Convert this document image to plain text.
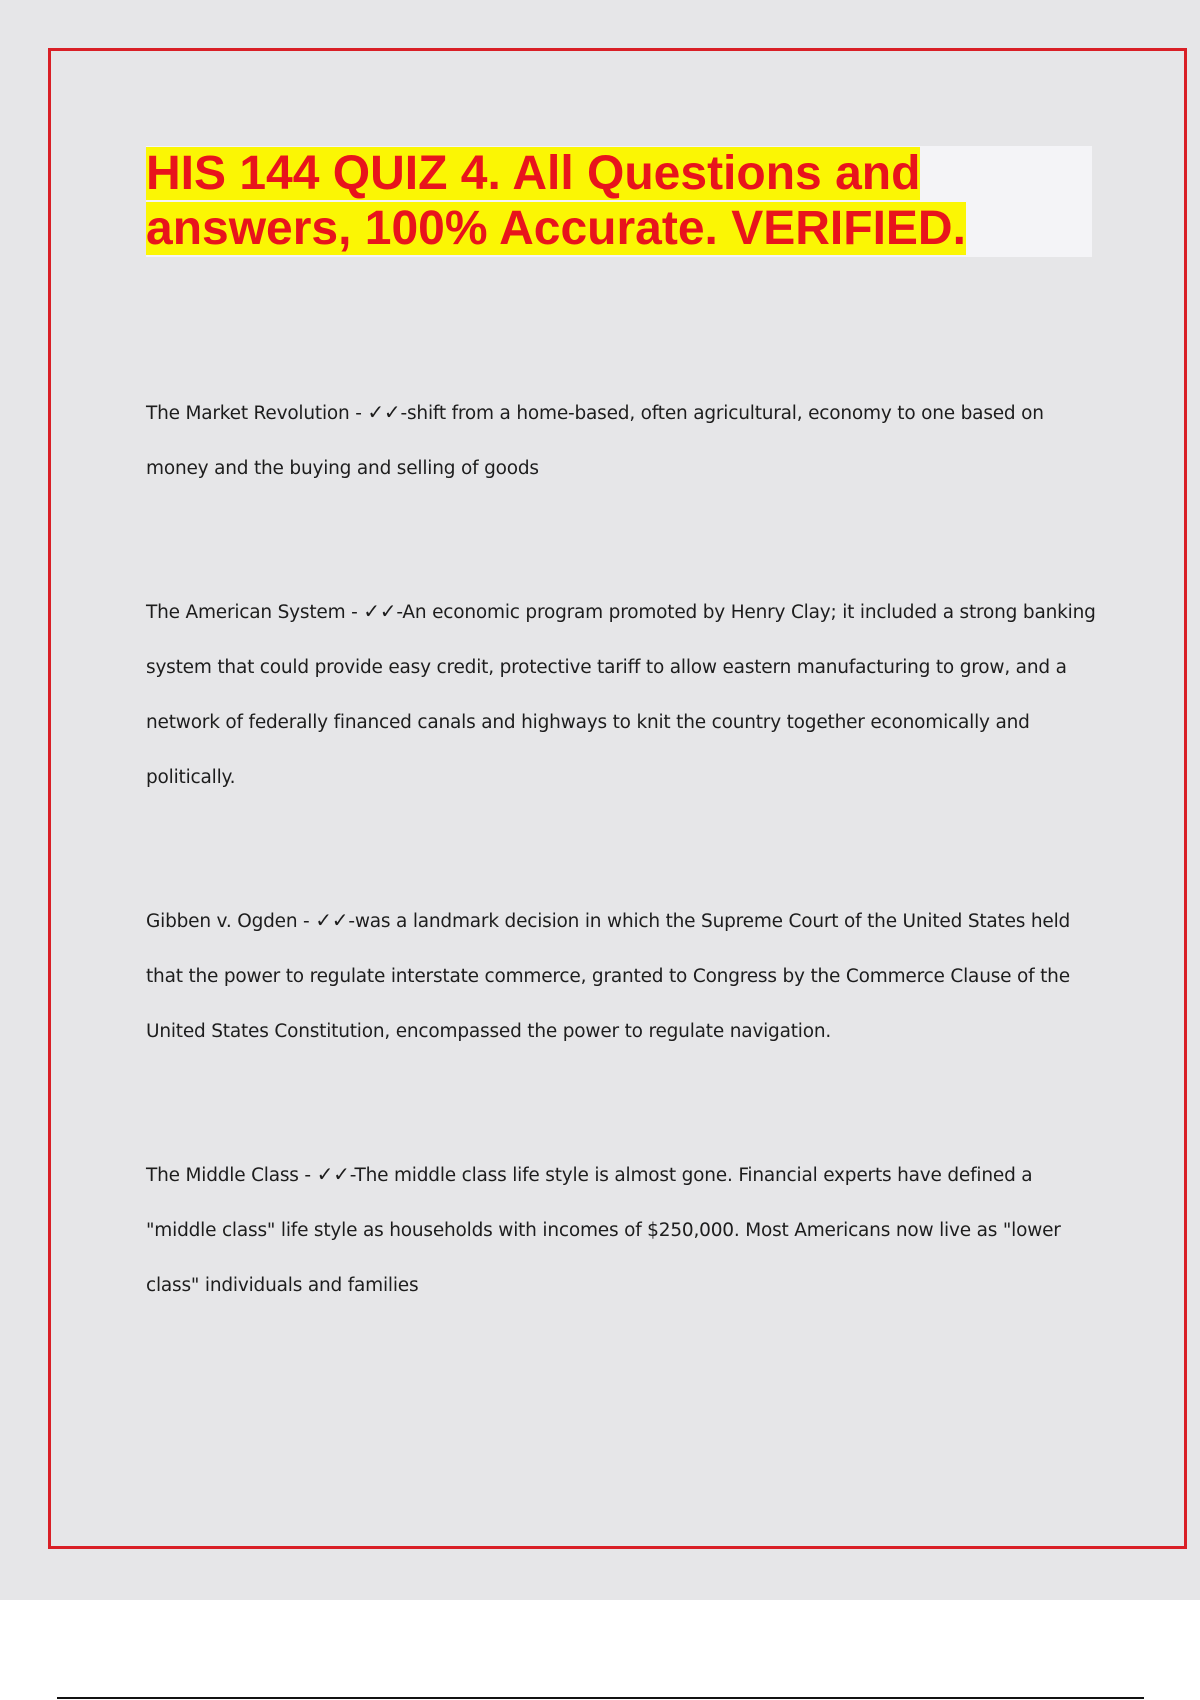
HIS 144 QUIZ 4. All Questions and
answers, 100% Accurate. VERIFIED.

The Market Revolution - ✓✓-shift from a home-based, often agricultural, economy to one based on money and the buying and selling of goods

The American System - ✓✓-An economic program promoted by Henry Clay; it included a strong banking system that could provide easy credit, protective tariff to allow eastern manufacturing to grow, and a network of federally financed canals and highways to knit the country together economically and politically.

Gibben v. Ogden - ✓✓-was a landmark decision in which the Supreme Court of the United States held that the power to regulate interstate commerce, granted to Congress by the Commerce Clause of the United States Constitution, encompassed the power to regulate navigation.

The Middle Class - ✓✓-The middle class life style is almost gone. Financial experts have defined a "middle class" life style as households with incomes of $250,000. Most Americans now live as "lower class" individuals and families
